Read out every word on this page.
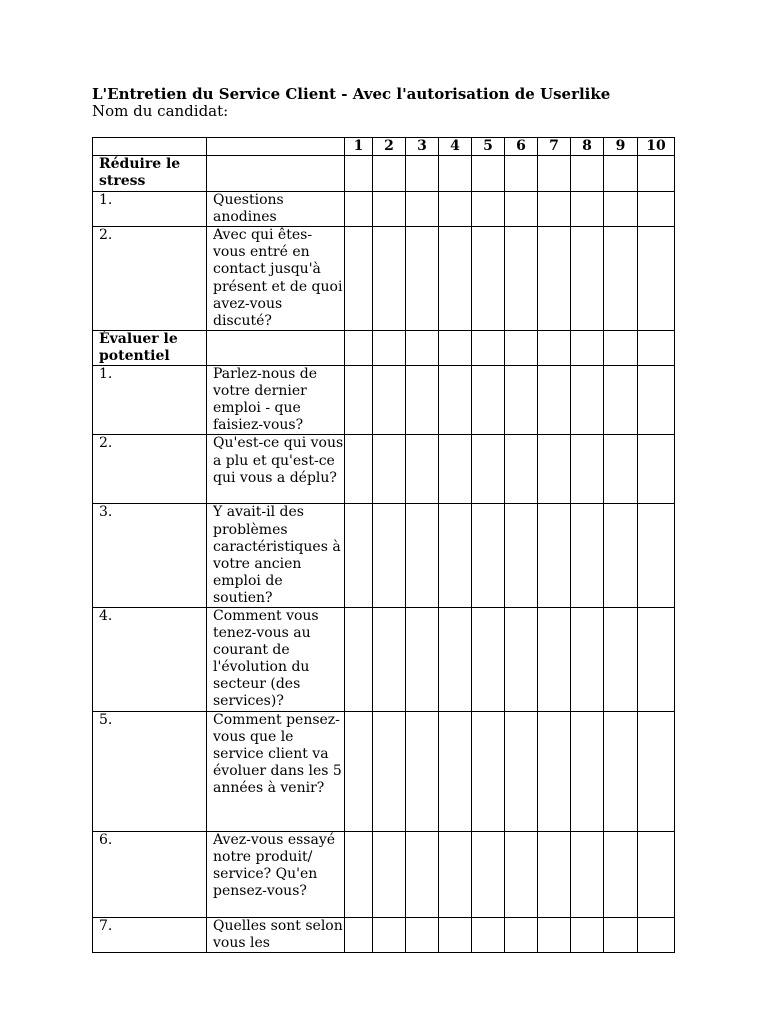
L'Entretien du Service Client - Avec l'autorisation de Userlike
Nom du candidat:
		1	2	3	4	5	6	7	8	9	10
Réduire le stress											
1.	Questions anodines										
2.	Avec qui êtes-vous entré en contact jusqu'à présent et de quoi avez-vous discuté?										
Évaluer le potentiel											
1.	Parlez-nous de votre dernier emploi - que faisiez-vous?										
2.	Qu'est-ce qui vous a plu et qu'est-ce qui vous a déplu?										
3.	Y avait-il des problèmes caractéristiques à votre ancien emploi de soutien?										
4.	Comment vous tenez-vous au courant de l'évolution du secteur (des services)?										
5.	Comment pensez-vous que le service client va évoluer dans les 5 années à venir?										
6.	Avez-vous essayé notre produit/ service? Qu'en pensez-vous?										
7.	Quelles sont selon vous les										
